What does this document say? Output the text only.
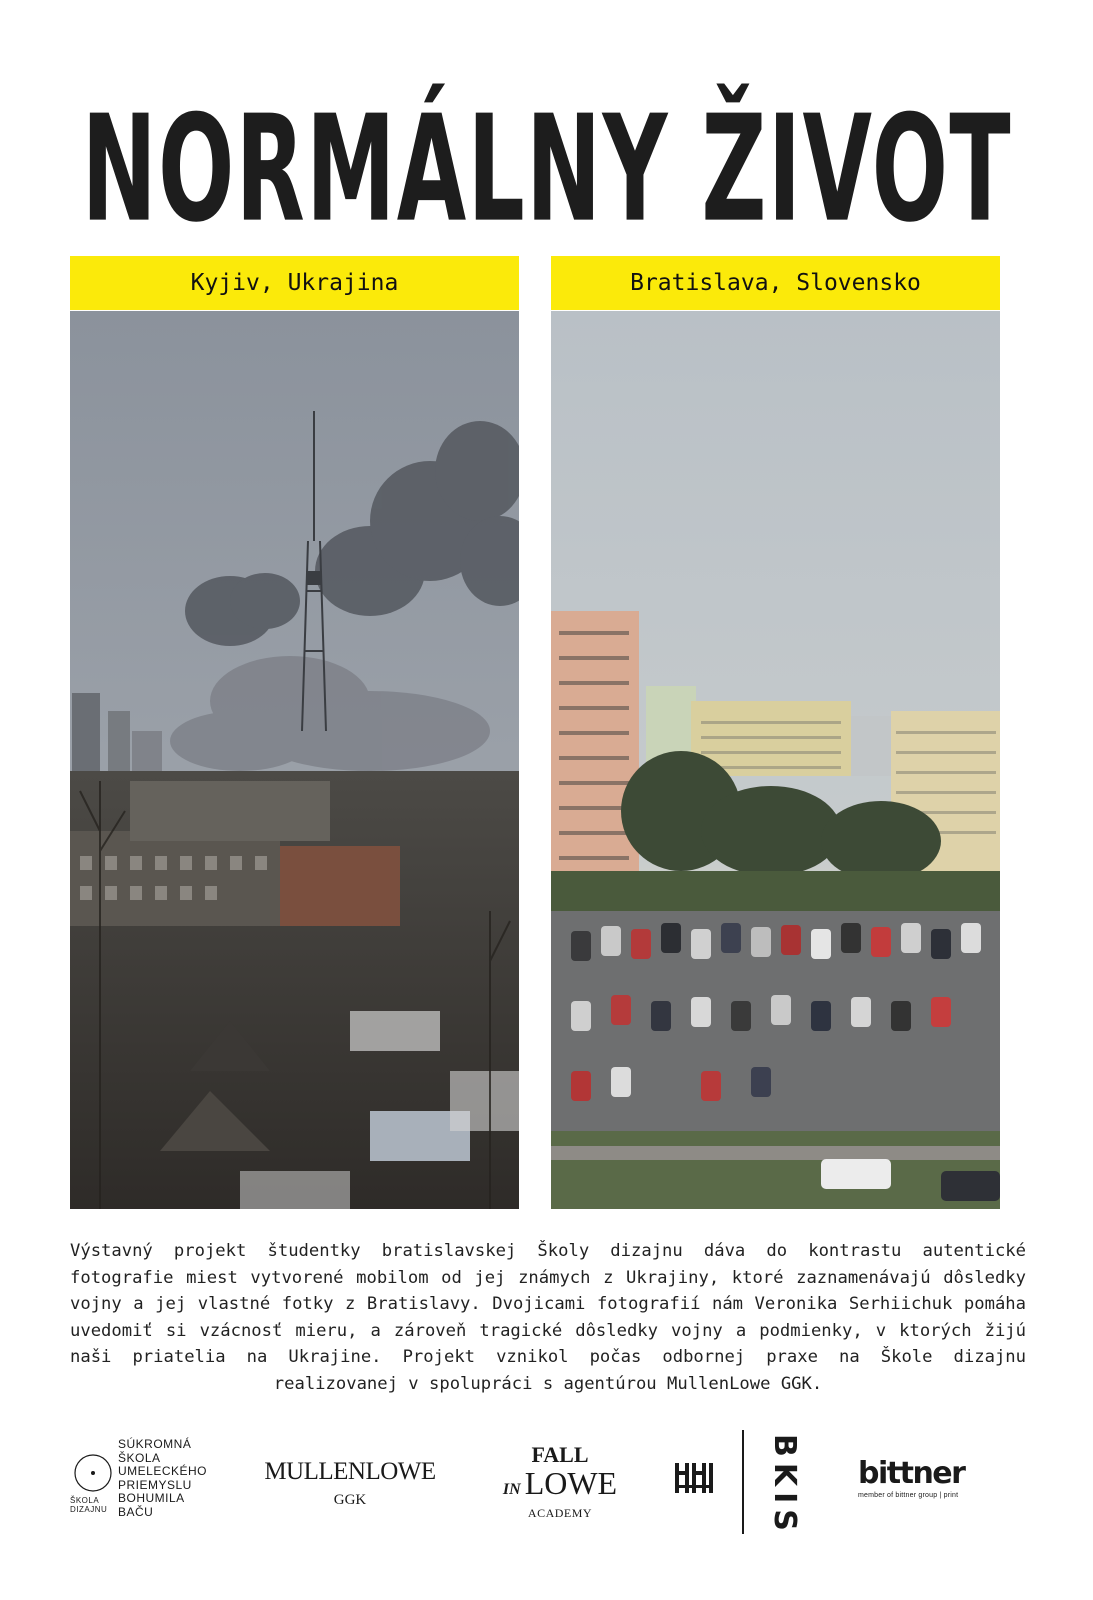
NORMÁLNY ŽIVOT
Kyjiv, Ukrajina	Bratislava, Slovensko
Výstavný projekt študentky bratislavskej Školy dizajnu dáva do kontrastu autentické fotografie miest vytvorené mobilom od jej známych z Ukrajiny, ktoré zaznamenávajú dôsledky vojny a jej vlastné fotky z Bratislavy. Dvojicami fotografií nám Veronika Serhiichuk pomáha uvedomiť si vzácnosť mieru, a zároveň tragické dôsledky vojny a podmienky, v ktorých žijú naši priatelia na Ukrajine. Projekt vznikol počas odbornej praxe na Škole dizajnu realizovanej v spolupráci s agentúrou MullenLowe GGK.
ŠKOLA DIZAJNU
SÚKROMNÁ
ŠKOLA
UMELECKÉHO
PRIEMYSLU
BOHUMILA
BAČU
MULLENLOWE
GGK
FALL
IN LOWE
ACADEMY	BKIS bittner
member of bittner group | print
